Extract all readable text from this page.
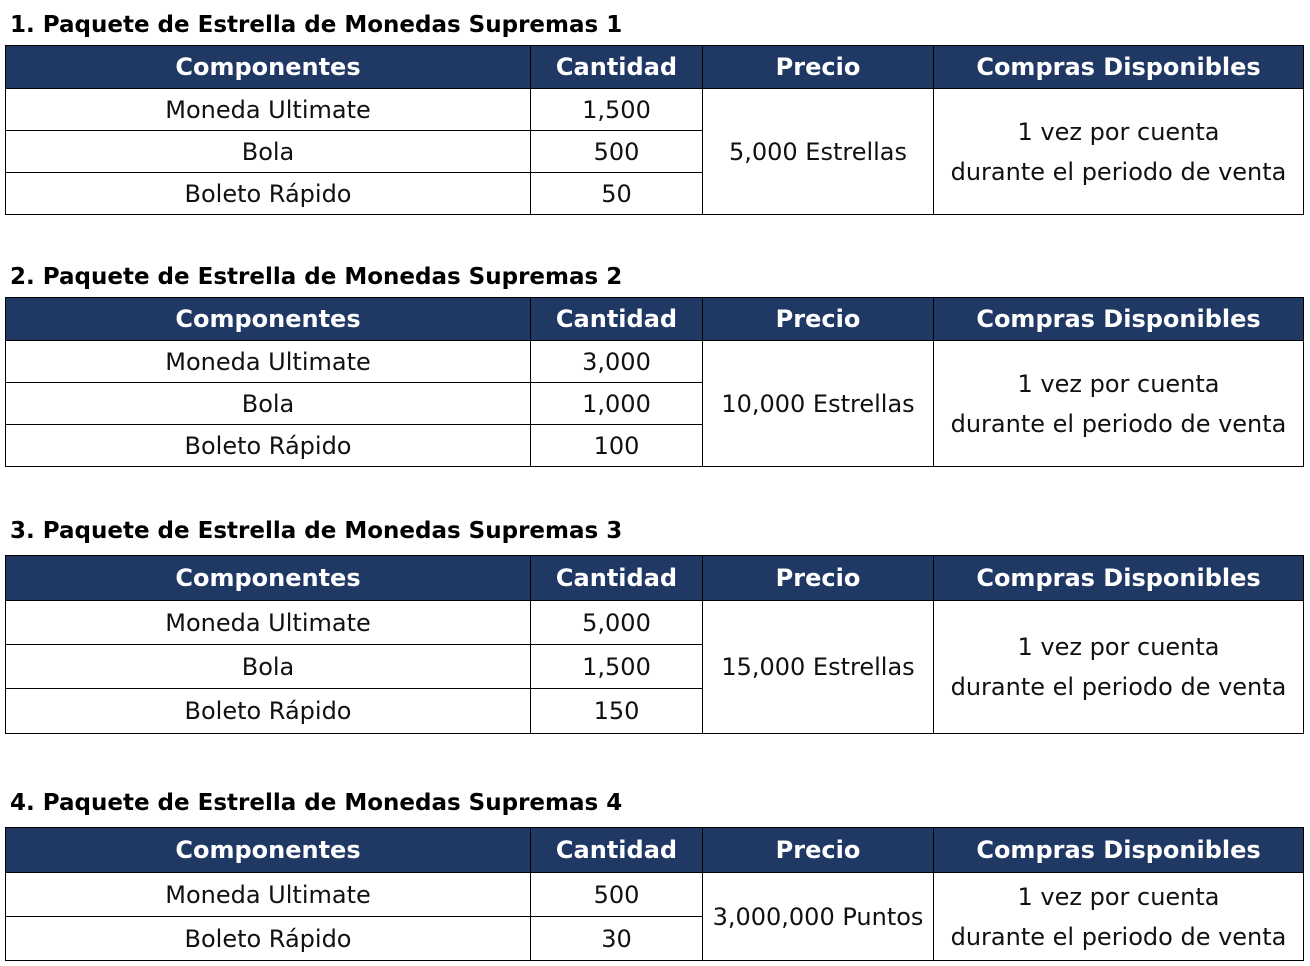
1. Paquete de Estrella de Monedas Supremas 1
Componentes	Cantidad	Precio	Compras Disponibles
Moneda Ultimate	1,500	5,000 Estrellas	1 vez por cuenta
durante el periodo de venta

Bola	500		
Boleto Rápido	50		
2. Paquete de Estrella de Monedas Supremas 2
Componentes	Cantidad	Precio	Compras Disponibles
Moneda Ultimate	3,000	10,000 Estrellas	1 vez por cuenta
durante el periodo de venta

Bola	1,000		
Boleto Rápido	100		
3. Paquete de Estrella de Monedas Supremas 3
Componentes	Cantidad	Precio	Compras Disponibles
Moneda Ultimate	5,000	15,000 Estrellas	1 vez por cuenta
durante el periodo de venta

Bola	1,500		
Boleto Rápido	150		
4. Paquete de Estrella de Monedas Supremas 4
Componentes	Cantidad	Precio	Compras Disponibles
Moneda Ultimate	500	3,000,000 Puntos	1 vez por cuenta
durante el periodo de venta

Boleto Rápido	30		
